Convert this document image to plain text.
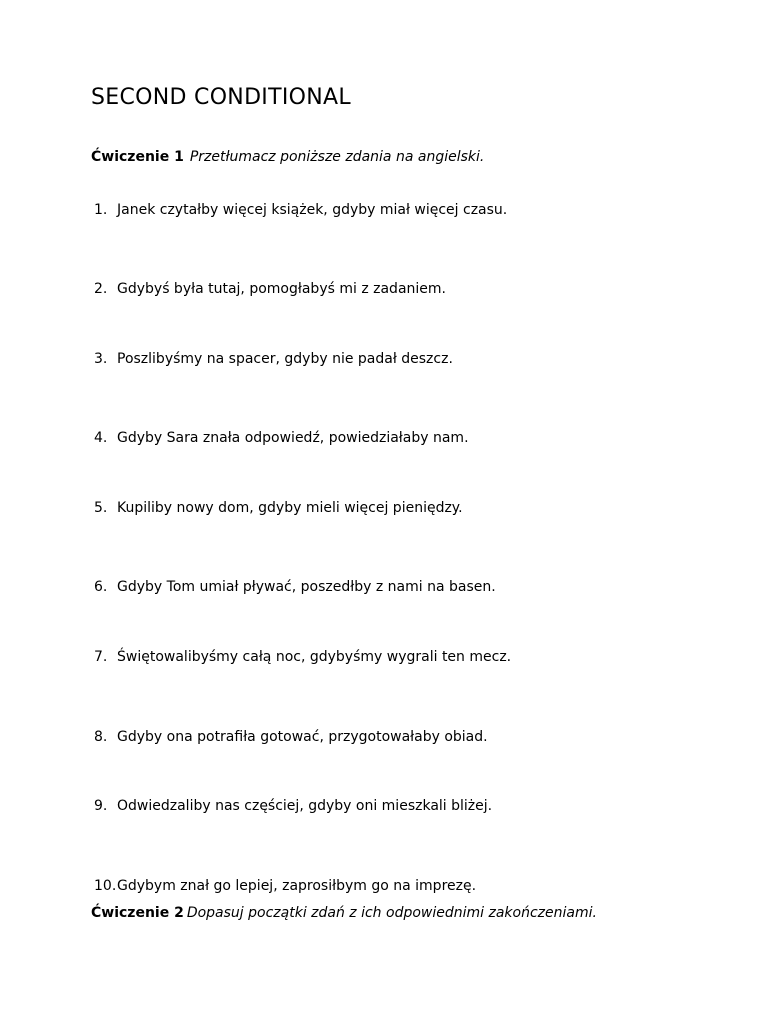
SECOND CONDITIONAL
Ćwiczenie 1 Przetłumacz poniższe zdania na angielski.
1. Janek czytałby więcej książek, gdyby miał więcej czasu.
2. Gdybyś była tutaj, pomogłabyś mi z zadaniem.
3. Poszlibyśmy na spacer, gdyby nie padał deszcz.
4. Gdyby Sara znała odpowiedź, powiedziałaby nam.
5. Kupiliby nowy dom, gdyby mieli więcej pieniędzy.
6. Gdyby Tom umiał pływać, poszedłby z nami na basen.
7. Świętowalibyśmy całą noc, gdybyśmy wygrali ten mecz.
8. Gdyby ona potrafiła gotować, przygotowałaby obiad.
9. Odwiedzaliby nas częściej, gdyby oni mieszkali bliżej.
10.Gdybym znał go lepiej, zaprosiłbym go na imprezę.
Ćwiczenie 2 Dopasuj początki zdań z ich odpowiednimi zakończeniami.
